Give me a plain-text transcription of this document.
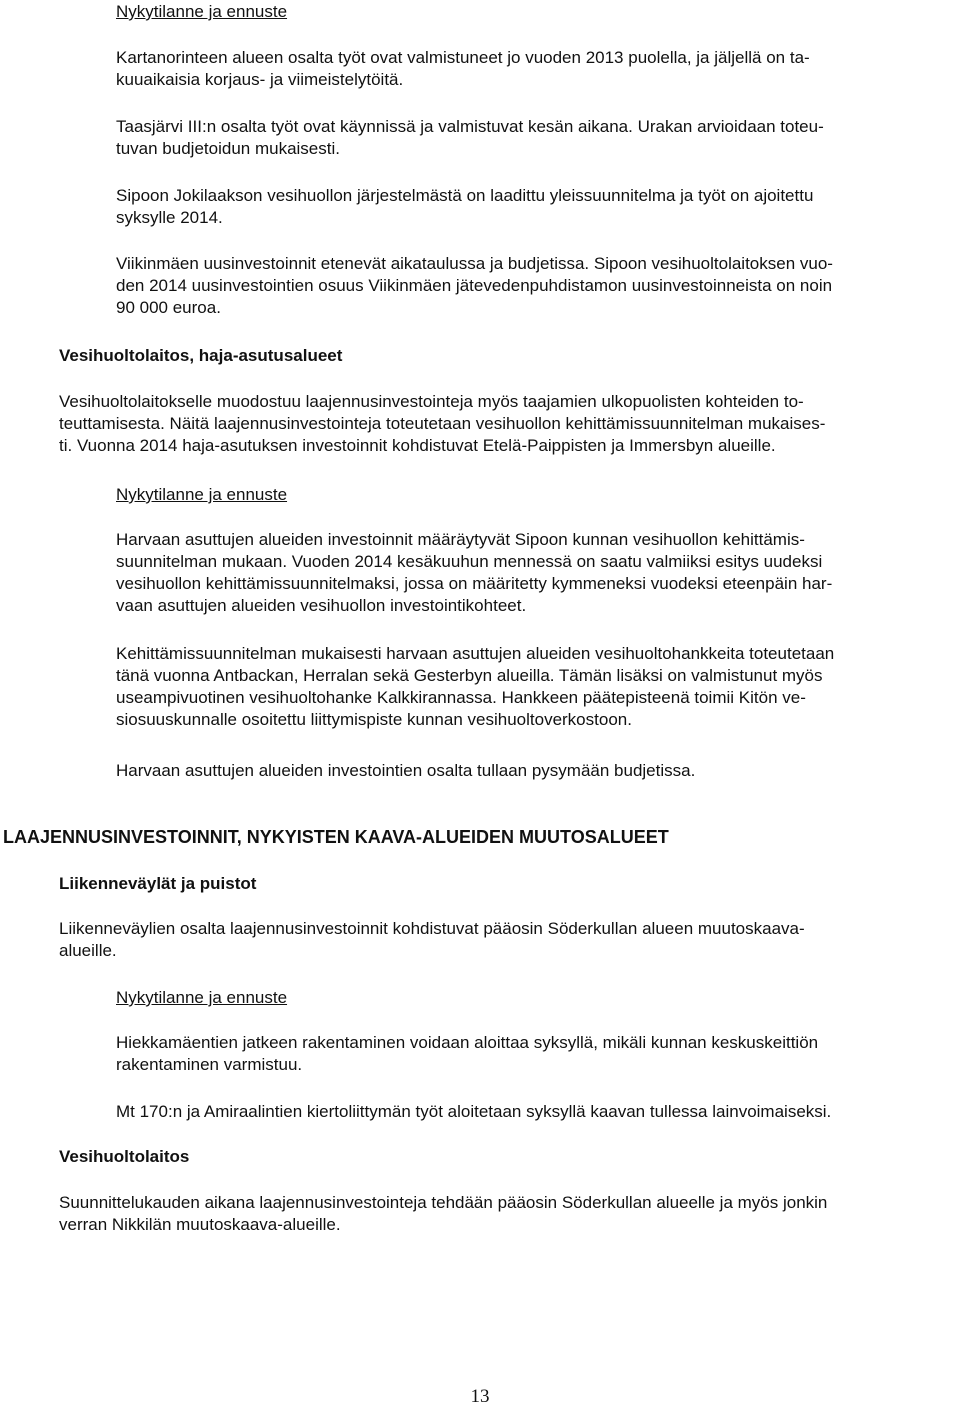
Nykytilanne ja ennuste
Kartanorinteen alueen osalta työt ovat valmistuneet jo vuoden 2013 puolella, ja jäljellä on ta-
kuuaikaisia korjaus- ja viimeistelytöitä.
Taasjärvi III:n osalta työt ovat käynnissä ja valmistuvat kesän aikana. Urakan arvioidaan toteu-
tuvan budjetoidun mukaisesti.
Sipoon Jokilaakson vesihuollon järjestelmästä on laadittu yleissuunnitelma ja työt on ajoitettu
syksylle 2014.
Viikinmäen uusinvestoinnit etenevät aikataulussa ja budjetissa. Sipoon vesihuoltolaitoksen vuo-
den 2014 uusinvestointien osuus Viikinmäen jätevedenpuhdistamon uusinvestoinneista on noin
90 000 euroa.
Vesihuoltolaitos, haja-asutusalueet
Vesihuoltolaitokselle muodostuu laajennusinvestointeja myös taajamien ulkopuolisten kohteiden to-
teuttamisesta. Näitä laajennusinvestointeja toteutetaan vesihuollon kehittämissuunnitelman mukaises-
ti. Vuonna 2014 haja-asutuksen investoinnit kohdistuvat Etelä-Paippisten ja Immersbyn alueille.
Nykytilanne ja ennuste
Harvaan asuttujen alueiden investoinnit määräytyvät Sipoon kunnan vesihuollon kehittämis-
suunnitelman mukaan. Vuoden 2014 kesäkuuhun mennessä on saatu valmiiksi esitys uudeksi
vesihuollon kehittämissuunnitelmaksi, jossa on määritetty kymmeneksi vuodeksi eteenpäin har-
vaan asuttujen alueiden vesihuollon investointikohteet.
Kehittämissuunnitelman mukaisesti harvaan asuttujen alueiden vesihuoltohankkeita toteutetaan
tänä vuonna Antbackan, Herralan sekä Gesterbyn alueilla. Tämän lisäksi on valmistunut myös
useampivuotinen vesihuoltohanke Kalkkirannassa. Hankkeen päätepisteenä toimii Kitön ve-
siosuuskunnalle osoitettu liittymispiste kunnan vesihuoltoverkostoon.
Harvaan asuttujen alueiden investointien osalta tullaan pysymään budjetissa.
LAAJENNUSINVESTOINNIT, NYKYISTEN KAAVA-ALUEIDEN MUUTOSALUEET
Liikenneväylät ja puistot
Liikenneväylien osalta laajennusinvestoinnit kohdistuvat pääosin Söderkullan alueen muutoskaava-
alueille.
Nykytilanne ja ennuste
Hiekkamäentien jatkeen rakentaminen voidaan aloittaa syksyllä, mikäli kunnan keskuskeittiön
rakentaminen varmistuu.
Mt 170:n ja Amiraalintien kiertoliittymän työt aloitetaan syksyllä kaavan tullessa lainvoimaiseksi.
Vesihuoltolaitos
Suunnittelukauden aikana laajennusinvestointeja tehdään pääosin Söderkullan alueelle ja myös jonkin
verran Nikkilän muutoskaava-alueille.
13
